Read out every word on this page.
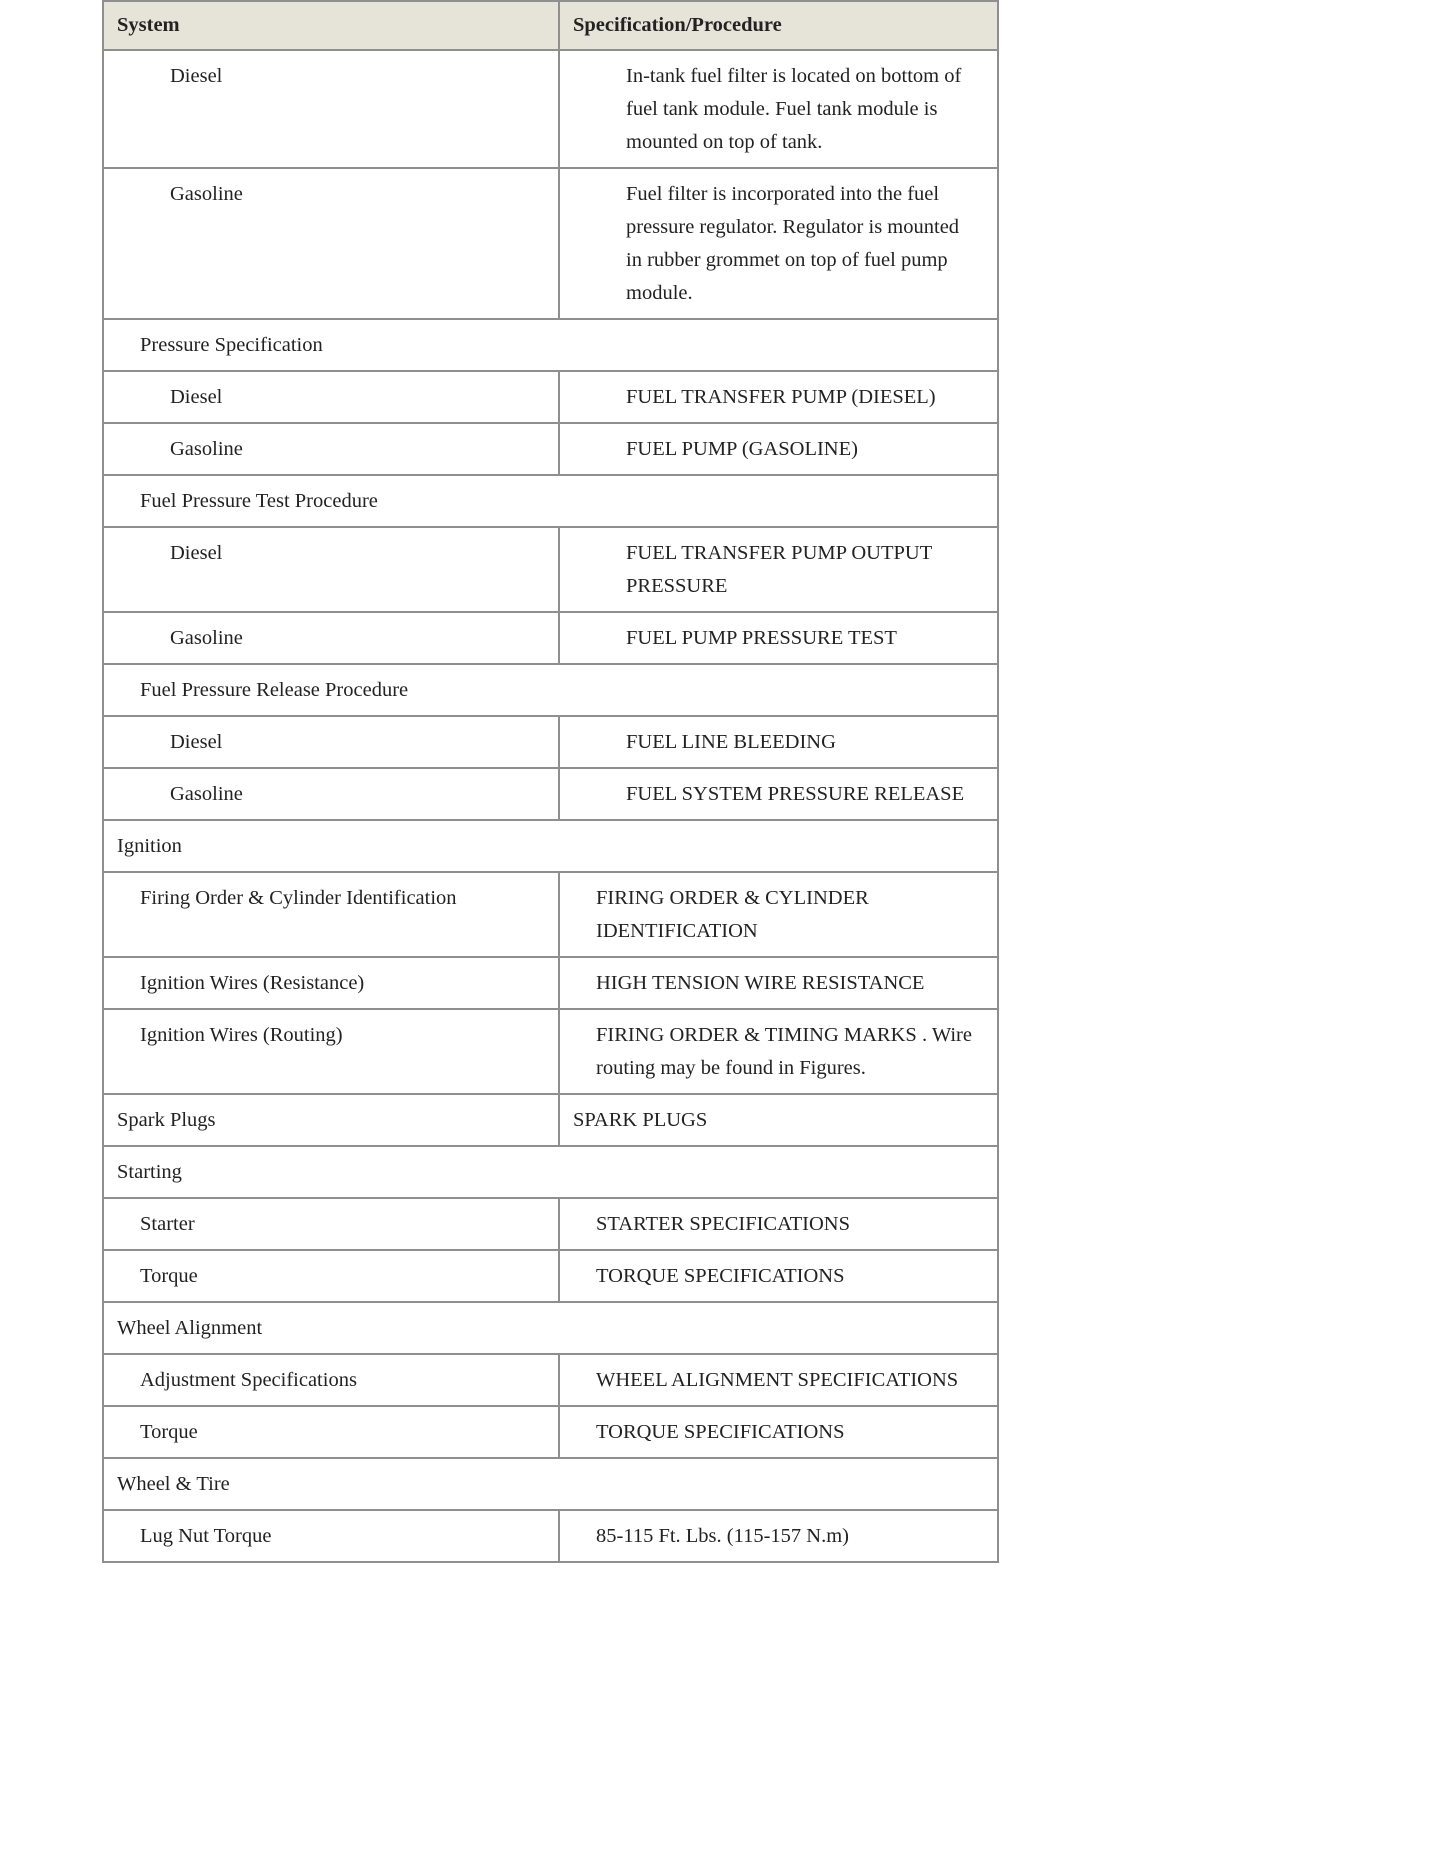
System	Specification/Procedure
Diesel	In-tank fuel filter is located on bottom of fuel tank module. Fuel tank module is mounted on top of tank.
Gasoline	Fuel filter is incorporated into the fuel pressure regulator. Regulator is mounted in rubber grommet on top of fuel pump module.
Pressure Specification	
Diesel	FUEL TRANSFER PUMP (DIESEL)
Gasoline	FUEL PUMP (GASOLINE)
Fuel Pressure Test Procedure	
Diesel	FUEL TRANSFER PUMP OUTPUT PRESSURE
Gasoline	FUEL PUMP PRESSURE TEST
Fuel Pressure Release Procedure	
Diesel	FUEL LINE BLEEDING
Gasoline	FUEL SYSTEM PRESSURE RELEASE
Ignition	
Firing Order & Cylinder Identification	FIRING ORDER & CYLINDER IDENTIFICATION
Ignition Wires (Resistance)	HIGH TENSION WIRE RESISTANCE
Ignition Wires (Routing)	FIRING ORDER & TIMING MARKS . Wire routing may be found in Figures.
Spark Plugs	SPARK PLUGS
Starting	
Starter	STARTER SPECIFICATIONS
Torque	TORQUE SPECIFICATIONS
Wheel Alignment	
Adjustment Specifications	WHEEL ALIGNMENT SPECIFICATIONS
Torque	TORQUE SPECIFICATIONS
Wheel & Tire	
Lug Nut Torque	85-115 Ft. Lbs. (115-157 N.m)
